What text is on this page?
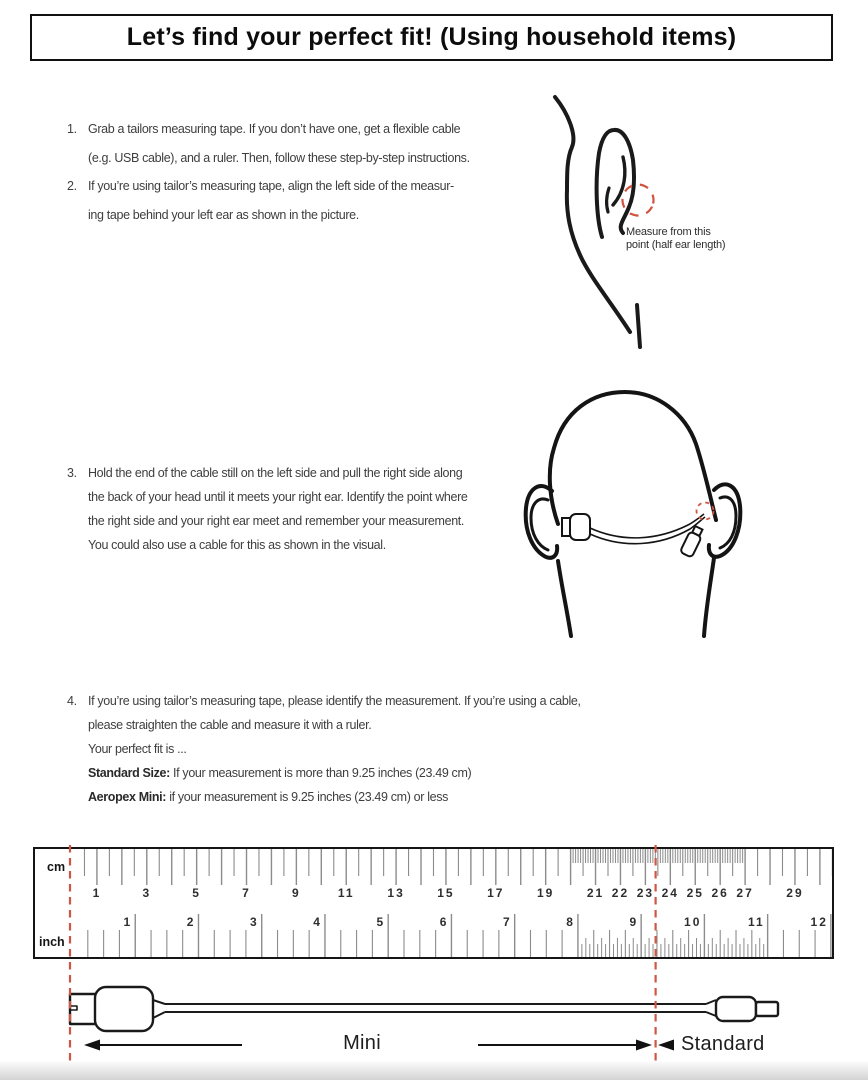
Let’s find your perfect fit! (Using household items)
1. Grab a tailors measuring tape. If you don’t have one, get a flexible cable
(e.g. USB cable), and a ruler. Then, follow these step-by-step instructions.
2. If you’re using tailor’s measuring tape, align the left side of the measur-
ing tape behind your left ear as shown in the picture.
3. Hold the end of the cable still on the left side and pull the right side along
the back of your head until it meets your right ear. Identify the point where
the right side and your right ear meet and remember your measurement.
You could also use a cable for this as shown in the visual.
4. If you’re using tailor’s measuring tape, please identify the measurement. If you’re using a cable,
please straighten the cable and measure it with a ruler.
Your perfect fit is ...
Standard Size: If your measurement is more than 9.25 inches (23.49 cm)
Aeropex Mini: if your measurement is 9.25 inches (23.49 cm) or less
Measure from this
point (half ear length)
1	3	5	7	9	11	13	15	17	19	21 22 23 24 25 26 27	29
1	2	3	4	5	6	7	8	9	10	11	12
cm
inch
Mini	Standard
